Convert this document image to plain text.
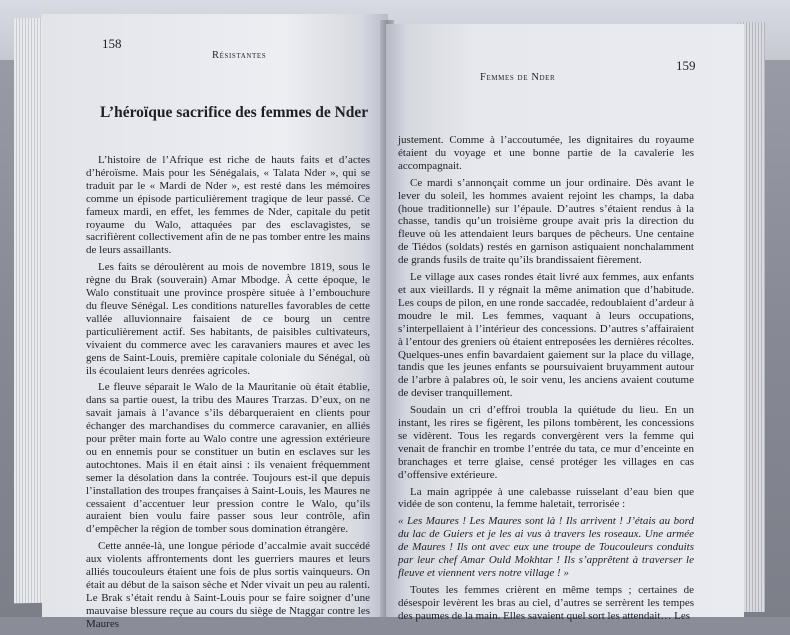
158
Résistantes
L’héroïque sacrifice des femmes de Nder

L’histoire de l’Afrique est riche de hauts faits et d’actes d’héroïsme. Mais pour les Sénégalais, « Talata Nder », qui se traduit par le « Mardi de Nder », est resté dans les mémoires comme un épisode particulièrement tragique de leur passé. Ce fameux mardi, en effet, les femmes de Nder, capitale du petit royaume du Walo, attaquées par des esclavagistes, se sacrifièrent collectivement afin de ne pas tomber entre les mains de leurs assaillants.

Les faits se déroulèrent au mois de novembre 1819, sous le règne du Brak (souverain) Amar Mbodge. À cette époque, le Walo constituait une province prospère située à l’embouchure du fleuve Sénégal. Les conditions naturelles favorables de cette vallée alluvionnaire faisaient de ce bourg un centre particulièrement actif. Ses habitants, de paisibles cultivateurs, vivaient du commerce avec les caravaniers maures et avec les gens de Saint-Louis, première capitale coloniale du Sénégal, où ils écoulaient leurs denrées agricoles.

Le fleuve séparait le Walo de la Mauritanie où était établie, dans sa partie ouest, la tribu des Maures Trarzas. D’eux, on ne savait jamais à l’avance s’ils débarqueraient en clients pour échanger des marchandises du commerce caravanier, en alliés pour prêter main forte au Walo contre une agression extérieure ou en ennemis pour se constituer un butin en esclaves sur les autochtones. Mais il en était ainsi : ils venaient fréquemment semer la désolation dans la contrée. Toujours est-il que depuis l’installation des troupes françaises à Saint-Louis, les Maures ne cessaient d’accentuer leur pression contre le Walo, qu’ils auraient bien voulu faire passer sous leur contrôle, afin d’empêcher la région de tomber sous domination étrangère.

Cette année-là, une longue période d’accalmie avait succédé aux violents affrontements dont les guerriers maures et leurs alliés toucouleurs étaient une fois de plus sortis vainqueurs. On était au début de la saison sèche et Nder vivait un peu au ralenti. Le Brak s’était rendu à Saint-Louis pour se faire soigner d’une mauvaise blessure reçue au cours du siège de Ntaggar contre les Maures

Femmes de Nder
159

justement. Comme à l’accoutumée, les dignitaires du royaume étaient du voyage et une bonne partie de la cavalerie les accompagnait.

Ce mardi s’annonçait comme un jour ordinaire. Dès avant le lever du soleil, les hommes avaient rejoint les champs, la daba (houe traditionnelle) sur l’épaule. D’autres s’étaient rendus à la chasse, tandis qu’un troisième groupe avait pris la direction du fleuve où les attendaient leurs barques de pêcheurs. Une centaine de Tiédos (soldats) restés en garnison astiquaient nonchalamment de grands fusils de traite qu’ils brandissaient fièrement.

Le village aux cases rondes était livré aux femmes, aux enfants et aux vieillards. Il y régnait la même animation que d’habitude. Les coups de pilon, en une ronde saccadée, redoublaient d’ardeur à moudre le mil. Les femmes, vaquant à leurs occupations, s’interpellaient à l’intérieur des concessions. D’autres s’affairaient à l’entour des greniers où étaient entreposées les dernières récoltes. Quelques-unes enfin bavardaient gaiement sur la place du village, tandis que les jeunes enfants se poursuivaient bruyamment autour de l’arbre à palabres où, le soir venu, les anciens avaient coutume de deviser tranquillement.

Soudain un cri d’effroi troubla la quiétude du lieu. En un instant, les rires se figèrent, les pilons tombèrent, les concessions se vidèrent. Tous les regards convergèrent vers la femme qui venait de franchir en trombe l’entrée du tata, ce mur d’enceinte en branchages et terre glaise, censé protéger les villages en cas d’offensive extérieure.

La main agrippée à une calebasse ruisselant d’eau bien que vidée de son contenu, la femme haletait, terrorisée :

« Les Maures ! Les Maures sont là ! Ils arrivent ! J’étais au bord du lac de Guiers et je les ai vus à travers les roseaux. Une armée de Maures ! Ils ont avec eux une troupe de Toucouleurs conduits par leur chef Amar Ould Mokhtar ! Ils s’apprêtent à traverser le fleuve et viennent vers notre village ! »

Toutes les femmes crièrent en même temps ; certaines de désespoir levèrent les bras au ciel, d’autres se serrèrent les tempes des paumes de la main. Elles savaient quel sort les attendait… Les
